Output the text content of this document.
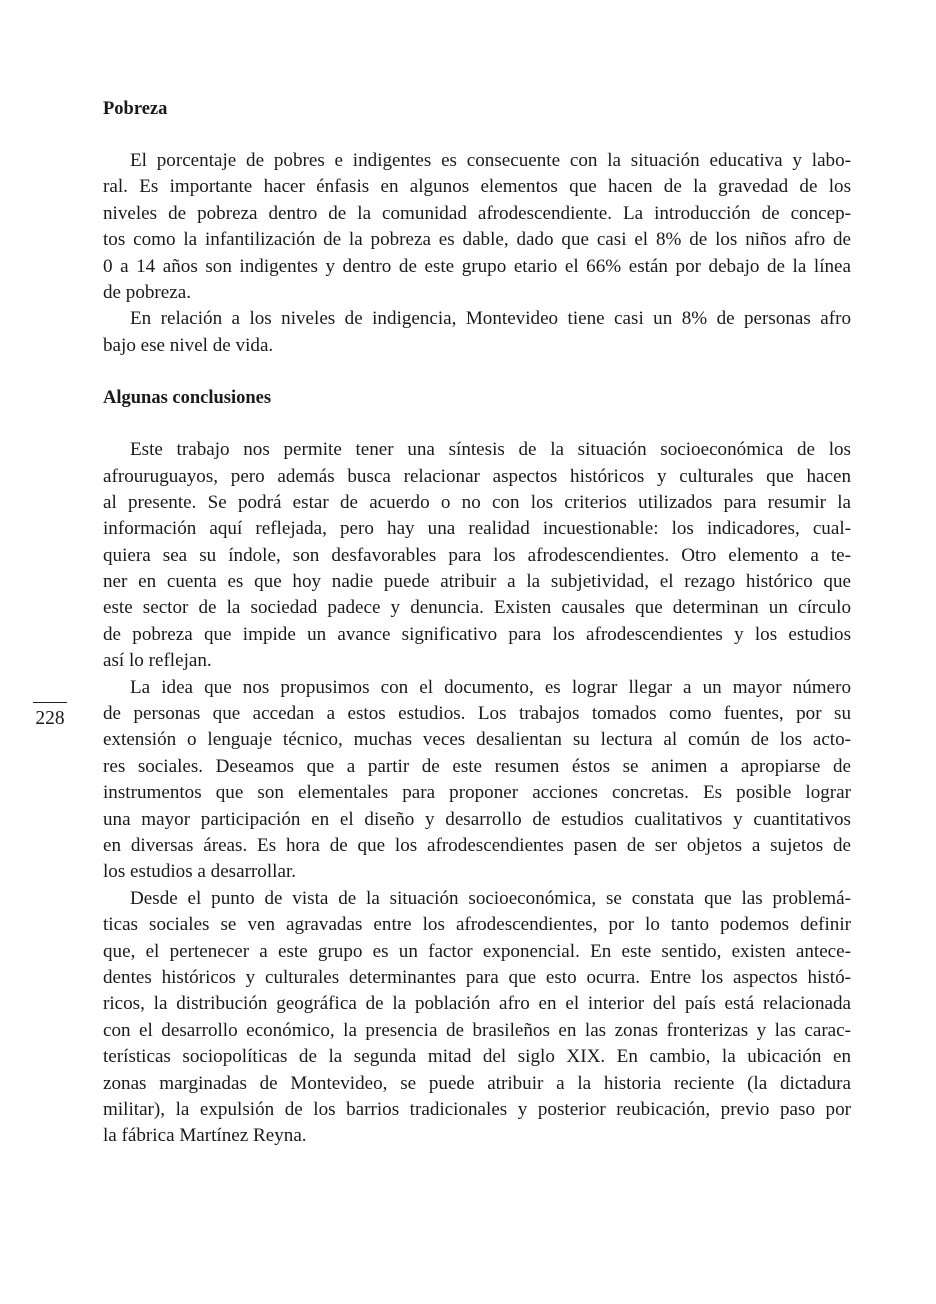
228
Pobreza
El porcentaje de pobres e indigentes es consecuente con la situación educativa y labo-
ral. Es importante hacer énfasis en algunos elementos que hacen de la gravedad de los
niveles de pobreza dentro de la comunidad afrodescendiente. La introducción de concep-
tos como la infantilización de la pobreza es dable, dado que casi el 8% de los niños afro de
0 a 14 años son indigentes y dentro de este grupo etario el 66% están por debajo de la línea
de pobreza.
En relación a los niveles de indigencia, Montevideo tiene casi un 8% de personas afro
bajo ese nivel de vida.
Algunas conclusiones
Este trabajo nos permite tener una síntesis de la situación socioeconómica de los
afrouruguayos, pero además busca relacionar aspectos históricos y culturales que hacen
al presente. Se podrá estar de acuerdo o no con los criterios utilizados para resumir la
información aquí reflejada, pero hay una realidad incuestionable: los indicadores, cual-
quiera sea su índole, son desfavorables para los afrodescendientes. Otro elemento a te-
ner en cuenta es que hoy nadie puede atribuir a la subjetividad, el rezago histórico que
este sector de la sociedad padece y denuncia. Existen causales que determinan un círculo
de pobreza que impide un avance significativo para los afrodescendientes y los estudios
así lo reflejan.
La idea que nos propusimos con el documento, es lograr llegar a un mayor número
de personas que accedan a estos estudios. Los trabajos tomados como fuentes, por su
extensión o lenguaje técnico, muchas veces desalientan su lectura al común de los acto-
res sociales. Deseamos que a partir de este resumen éstos se animen a apropiarse de
instrumentos que son elementales para proponer acciones concretas. Es posible lograr
una mayor participación en el diseño y desarrollo de estudios cualitativos y cuantitativos
en diversas áreas. Es hora de que los afrodescendientes pasen de ser objetos a sujetos de
los estudios a desarrollar.
Desde el punto de vista de la situación socioeconómica, se constata que las problemá-
ticas sociales se ven agravadas entre los afrodescendientes, por lo tanto podemos definir
que, el pertenecer a este grupo es un factor exponencial. En este sentido, existen antece-
dentes históricos y culturales determinantes para que esto ocurra. Entre los aspectos histó-
ricos, la distribución geográfica de la población afro en el interior del país está relacionada
con el desarrollo económico, la presencia de brasileños en las zonas fronterizas y las carac-
terísticas sociopolíticas de la segunda mitad del siglo XIX. En cambio, la ubicación en
zonas marginadas de Montevideo, se puede atribuir a la historia reciente (la dictadura
militar), la expulsión de los barrios tradicionales y posterior reubicación, previo paso por
la fábrica Martínez Reyna.
